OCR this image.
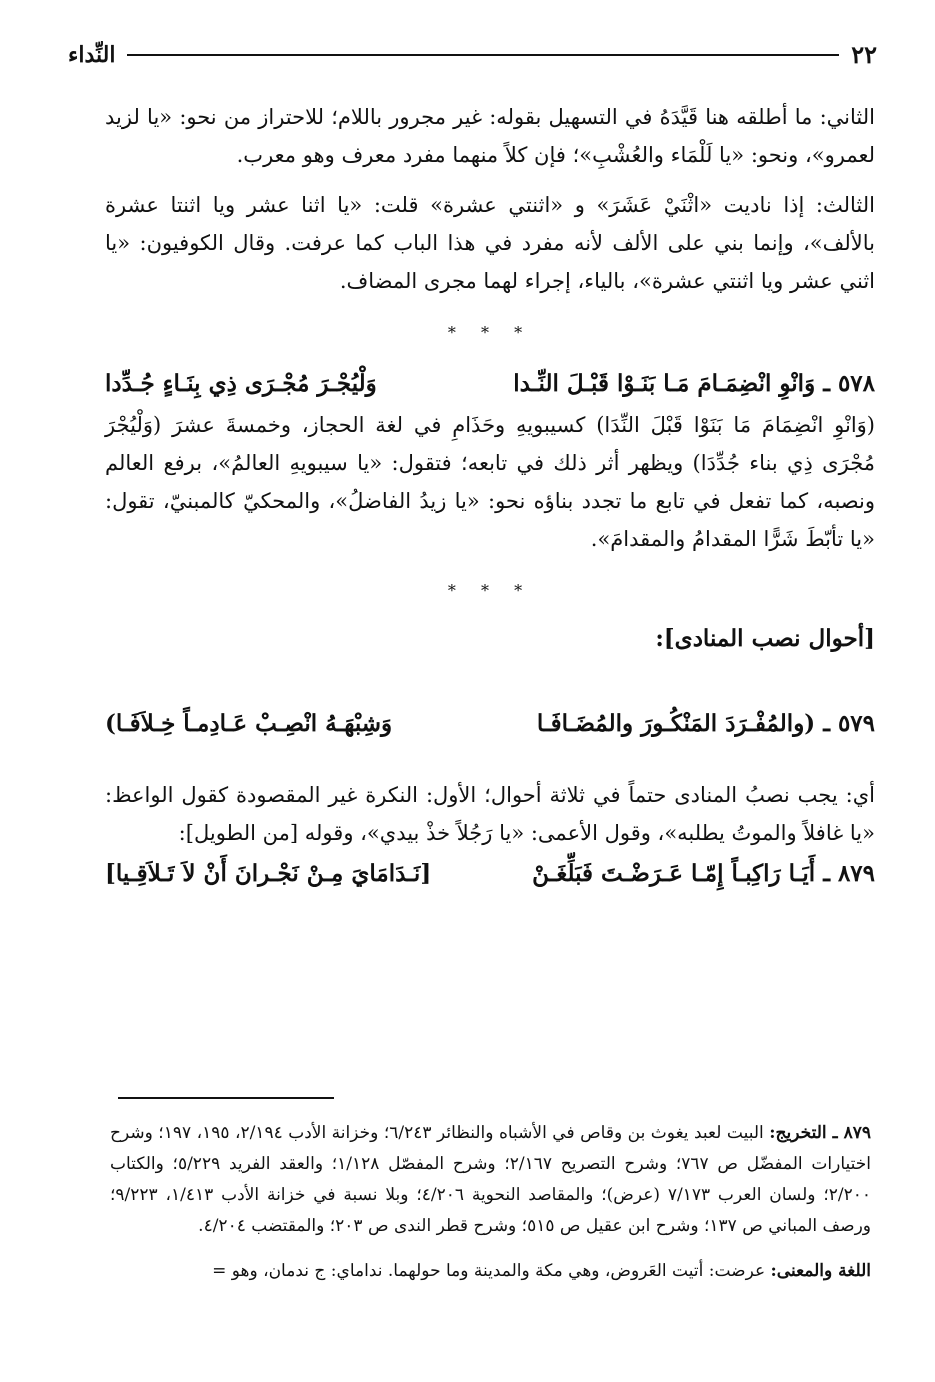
٢٢
النِّداء

الثاني: ما أطلقه هنا قَيَّدَهُ في التسهيل بقوله: غير مجرور باللام؛ للاحتراز من نحو: «يا لزيد لعمرو»، ونحو: «يا لَلْمَاء والعُشْبِ»؛ فإن كلاً منهما مفرد معرف وهو معرب.

الثالث: إذا ناديت «اثْنَيْ عَشَرَ» و «اثنتي عشرة» قلت: «يا اثنا عشر ويا اثنتا عشرة بالألف»، وإنما بني على الألف لأنه مفرد في هذا الباب كما عرفت. وقال الكوفيون: «يا اثني عشر ويا اثنتي عشرة»، بالياء، إجراء لهما مجرى المضاف.

* * *
٥٧٨ ـ
وَانْوِ انْضِمَـامَ مَـا بَنَـوْا قَبْـلَ النِّـدا
وَلْيُجْـرَ مُجْـرَى ذِي بِنَـاءٍ جُـدِّدا

(وَانْوِ انْضِمَامَ مَا بَنَوْا قَبْلَ النِّدَا) كسيبويهِ وحَذَامِ في لغة الحجاز، وخمسةَ عشرَ (وَلْيُجْرَ مُجْرَى ذِي بناء جُدِّدَا) ويظهر أثر ذلك في تابعه؛ فتقول: «يا سيبويهِ العالمُ»، برفع العالم ونصبه، كما تفعل في تابع ما تجدد بناؤه نحو: «يا زيدُ الفاضلُ»، والمحكيّ كالمبنيّ، تقول: «يا تأبّطَ شَرًّا المقدامُ والمقدامَ».

* * *
[أحوال نصب المنادى]:
٥٧٩ ـ
(والمُفْـرَدَ المَنْكُـورَ والمُضَـافَـا
وَشِبْهَـهُ انْصِـبْ عَـادِمـاً خِـلاَفَـا)

أي: يجب نصبُ المنادى حتماً في ثلاثة أحوال؛ الأول: النكرة غير المقصودة كقول الواعظ: «يا غافلاً والموتُ يطلبه»، وقول الأعمى: «يا رَجُلاً خذْ بيدي»، وقوله [من الطويل]:

٨٧٩ ـ
أَيَـا رَاكِبـاً إِمّـا عَـرَضْـتَ فَبَلِّغَـنْ
[نَـدَامَايَ مِـنْ نَجْـرانَ أَنْ لاَ تَـلاَقِـيا]

٨٧٩ ـ التخريج: البيت لعبد يغوث بن وقاص في الأشباه والنظائر ٦/٢٤٣؛ وخزانة الأدب ٢/١٩٤، ١٩٥، ١٩٧؛ وشرح اختيارات المفضّل ص ٧٦٧؛ وشرح التصريح ٢/١٦٧؛ وشرح المفصّل ١/١٢٨؛ والعقد الفريد ٥/٢٢٩؛ والكتاب ٢/٢٠٠؛ ولسان العرب ٧/١٧٣ (عرض)؛ والمقاصد النحوية ٤/٢٠٦؛ وبلا نسبة في خزانة الأدب ١/٤١٣، ٩/٢٢٣؛ ورصف المباني ص ١٣٧؛ وشرح ابن عقيل ص ٥١٥؛ وشرح قطر الندى ص ٢٠٣؛ والمقتضب ٤/٢٠٤.

اللغة والمعنى: عرضت: أتيت العَروض، وهي مكة والمدينة وما حولهما. نداماي: ج ندمان، وهو =
